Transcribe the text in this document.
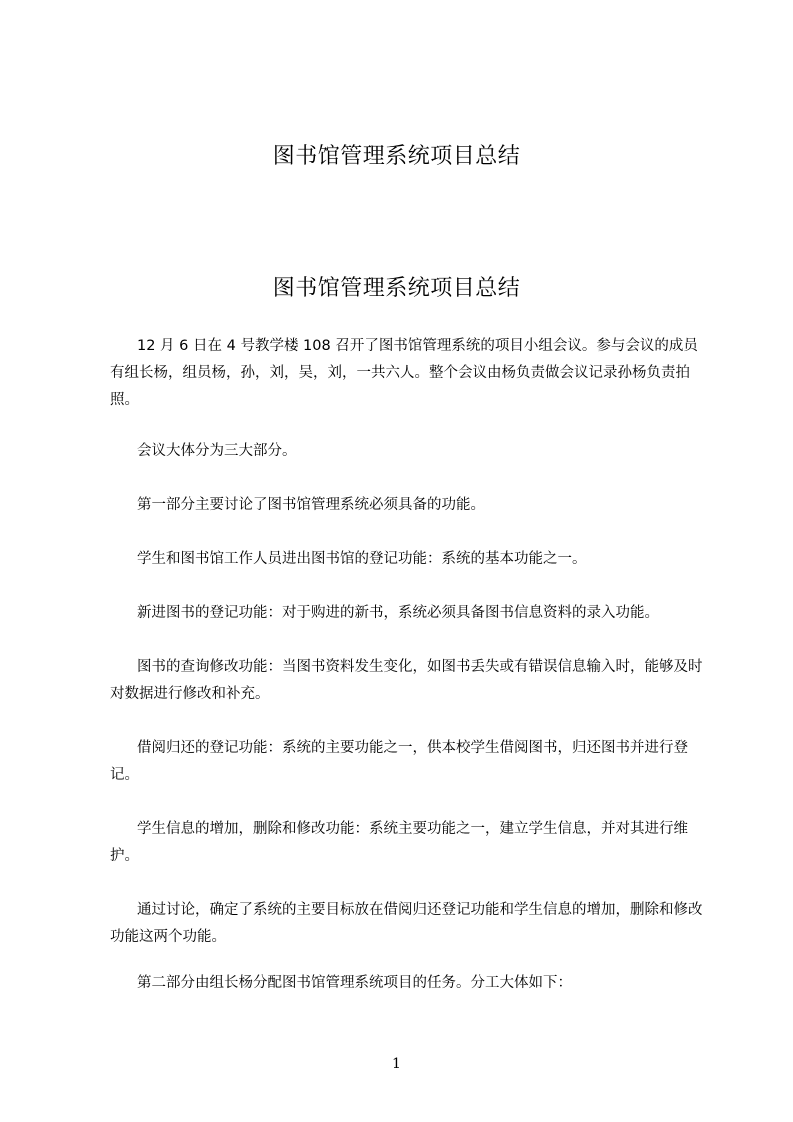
图书馆管理系统项目总结
图书馆管理系统项目总结

12 月 6 日在 4 号教学楼 108 召开了图书馆管理系统的项目小组会议。参与会议的成员有组长杨，组员杨，孙，刘，吴，刘，一共六人。整个会议由杨负责做会议记录孙杨负责拍照。

会议大体分为三大部分。

第一部分主要讨论了图书馆管理系统必须具备的功能。

学生和图书馆工作人员进出图书馆的登记功能：系统的基本功能之一。

新进图书的登记功能：对于购进的新书，系统必须具备图书信息资料的录入功能。

图书的查询修改功能：当图书资料发生变化，如图书丢失或有错误信息输入时，能够及时对数据进行修改和补充。

借阅归还的登记功能：系统的主要功能之一，供本校学生借阅图书，归还图书并进行登记。

学生信息的增加，删除和修改功能：系统主要功能之一，建立学生信息，并对其进行维护。

通过讨论，确定了系统的主要目标放在借阅归还登记功能和学生信息的增加，删除和修改功能这两个功能。

第二部分由组长杨分配图书馆管理系统项目的任务。分工大体如下：

1
